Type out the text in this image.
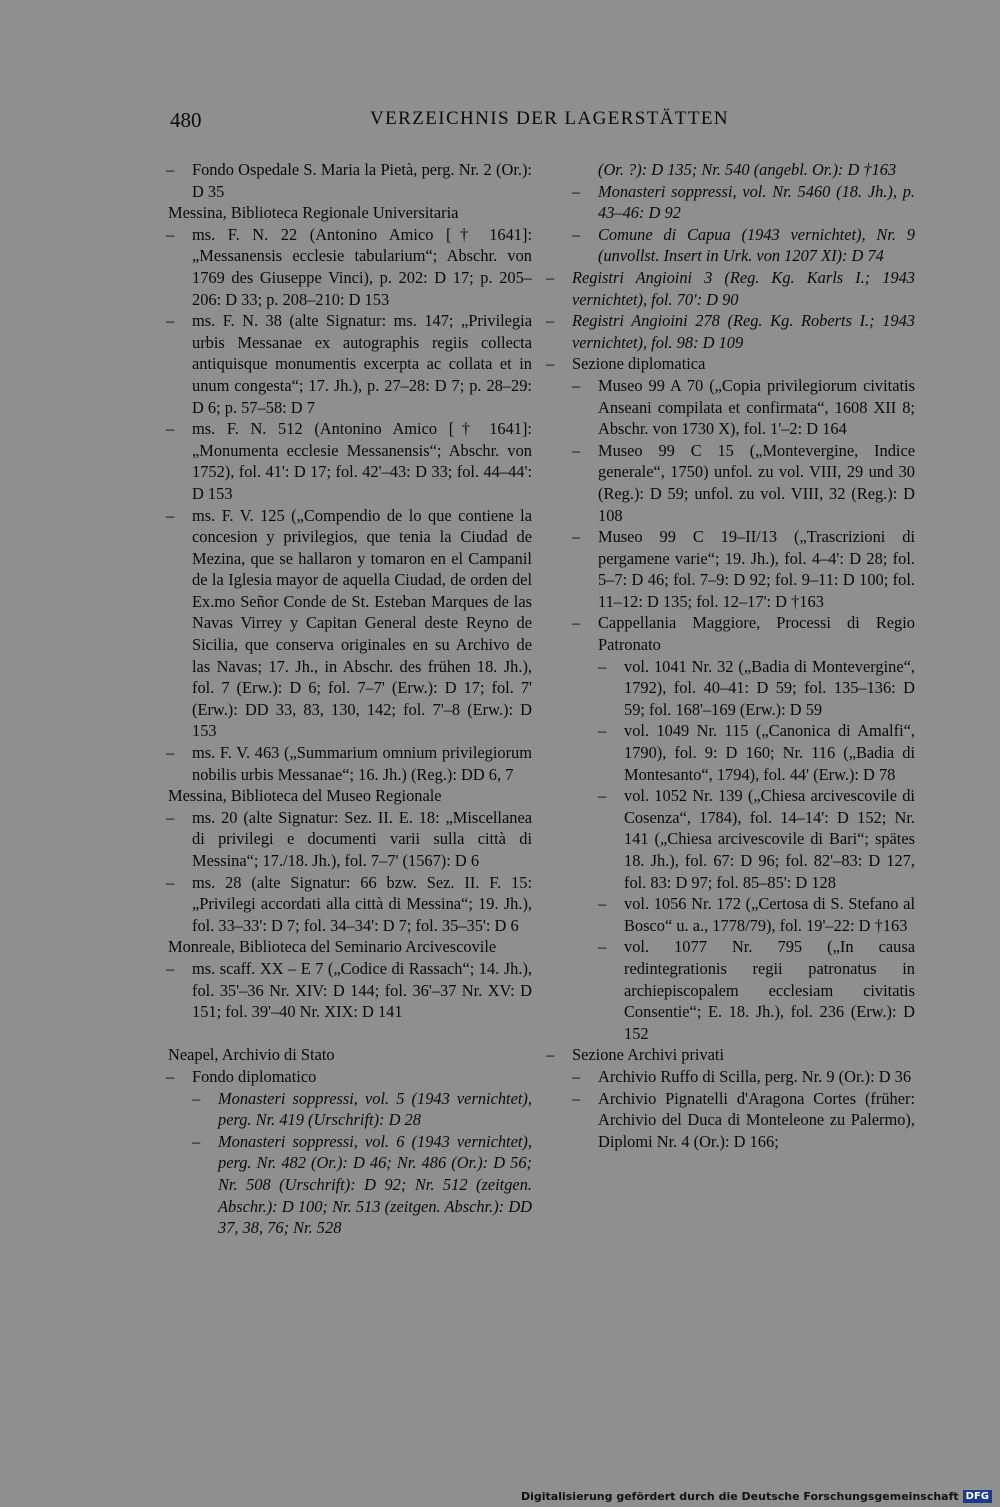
480	VERZEICHNIS DER LAGERSTÄTTEN
–	Fondo Ospedale S. Maria la Pietà, perg. Nr. 2 (Or.): D 35
Messina, Biblioteca Regionale Universitaria
–	ms. F. N. 22 (Antonino Amico [† 1641]: „Messanensis ecclesie tabularium“; Abschr. von 1769 des Giuseppe Vinci), p. 202: D 17; p. 205–206: D 33; p. 208–210: D 153
–	ms. F. N. 38 (alte Signatur: ms. 147; „Privilegia urbis Messanae ex autographis regiis collecta antiquisque monumentis excerpta ac collata et in unum congesta“; 17. Jh.), p. 27–28: D 7; p. 28–29: D 6; p. 57–58: D 7
–	ms. F. N. 512 (Antonino Amico [† 1641]: „Monumenta ecclesie Messanensis“; Abschr. von 1752), fol. 41': D 17; fol. 42'–43: D 33; fol. 44–44': D 153
–	ms. F. V. 125 („Compendio de lo que contiene la concesion y privilegios, que tenia la Ciudad de Mezina, que se hallaron y tomaron en el Campanil de la Iglesia mayor de aquella Ciudad, de orden del Ex.mo Señor Conde de St. Esteban Marques de las Navas Virrey y Capitan General deste Reyno de Sicilia, que conserva originales en su Archivo de las Navas; 17. Jh., in Abschr. des frühen 18. Jh.), fol. 7 (Erw.): D 6; fol. 7–7' (Erw.): D 17; fol. 7' (Erw.): DD 33, 83, 130, 142; fol. 7'–8 (Erw.): D 153
–	ms. F. V. 463 („Summarium omnium privilegiorum nobilis urbis Messanae“; 16. Jh.) (Reg.): DD 6, 7
Messina, Biblioteca del Museo Regionale
–	ms. 20 (alte Signatur: Sez. II. E. 18: „Miscellanea di privilegi e documenti varii sulla città di Messina“; 17./18. Jh.), fol. 7–7' (1567): D 6
–	ms. 28 (alte Signatur: 66 bzw. Sez. II. F. 15: „Privilegi accordati alla città di Messina“; 19. Jh.), fol. 33–33': D 7; fol. 34–34': D 7; fol. 35–35': D 6
Monreale, Biblioteca del Seminario Arcivescovile
–	ms. scaff. XX – E 7 („Codice di Rassach“; 14. Jh.), fol. 35'–36 Nr. XIV: D 144; fol. 36'–37 Nr. XV: D 151; fol. 39'–40 Nr. XIX: D 141
Neapel, Archivio di Stato
–	Fondo diplomatico
–	Monasteri soppressi, vol. 5 (1943 vernichtet), perg. Nr. 419 (Urschrift): D 28
–	Monasteri soppressi, vol. 6 (1943 vernichtet), perg. Nr. 482 (Or.): D 46; Nr. 486 (Or.): D 56; Nr. 508 (Urschrift): D 92; Nr. 512 (zeitgen. Abschr.): D 100; Nr. 513 (zeitgen. Abschr.): DD 37, 38, 76; Nr. 528
(Or. ?): D 135; Nr. 540 (angebl. Or.): D †163
–	Monasteri soppressi, vol. Nr. 5460 (18. Jh.), p. 43–46: D 92
–	Comune di Capua (1943 vernichtet), Nr. 9 (unvollst. Insert in Urk. von 1207 XI): D 74
–	Registri Angioini 3 (Reg. Kg. Karls I.; 1943 vernichtet), fol. 70': D 90
–	Registri Angioini 278 (Reg. Kg. Roberts I.; 1943 vernichtet), fol. 98: D 109
–	Sezione diplomatica
–	Museo 99 A 70 („Copia privilegiorum civitatis Anseani compilata et confirmata“, 1608 XII 8; Abschr. von 1730 X), fol. 1'–2: D 164
–	Museo 99 C 15 („Montevergine, Indice generale“, 1750) unfol. zu vol. VIII, 29 und 30 (Reg.): D 59; unfol. zu vol. VIII, 32 (Reg.): D 108
–	Museo 99 C 19–II/13 („Trascrizioni di pergamene varie“; 19. Jh.), fol. 4–4': D 28; fol. 5–7: D 46; fol. 7–9: D 92; fol. 9–11: D 100; fol. 11–12: D 135; fol. 12–17': D †163
–	Cappellania Maggiore, Processi di Regio Patronato
–	vol. 1041 Nr. 32 („Badia di Montevergine“, 1792), fol. 40–41: D 59; fol. 135–136: D 59; fol. 168'–169 (Erw.): D 59
–	vol. 1049 Nr. 115 („Canonica di Amalfi“, 1790), fol. 9: D 160; Nr. 116 („Badia di Montesanto“, 1794), fol. 44' (Erw.): D 78
–	vol. 1052 Nr. 139 („Chiesa arcivescovile di Cosenza“, 1784), fol. 14–14': D 152; Nr. 141 („Chiesa arcivescovile di Bari“; spätes 18. Jh.), fol. 67: D 96; fol. 82'–83: D 127, fol. 83: D 97; fol. 85–85': D 128
–	vol. 1056 Nr. 172 („Certosa di S. Stefano al Bosco“ u. a., 1778/79), fol. 19'–22: D †163
–	vol. 1077 Nr. 795 („In causa redintegrationis regii patronatus in archiepiscopalem ecclesiam civitatis Consentie“; E. 18. Jh.), fol. 236 (Erw.): D 152
–	Sezione Archivi privati
–	Archivio Ruffo di Scilla, perg. Nr. 9 (Or.): D 36
–	Archivio Pignatelli d'Aragona Cortes (früher: Archivio del Duca di Monteleone zu Palermo), Diplomi Nr. 4 (Or.): D 166;
Digitalisierung gefördert durch die Deutsche Forschungsgemeinschaft DFG
